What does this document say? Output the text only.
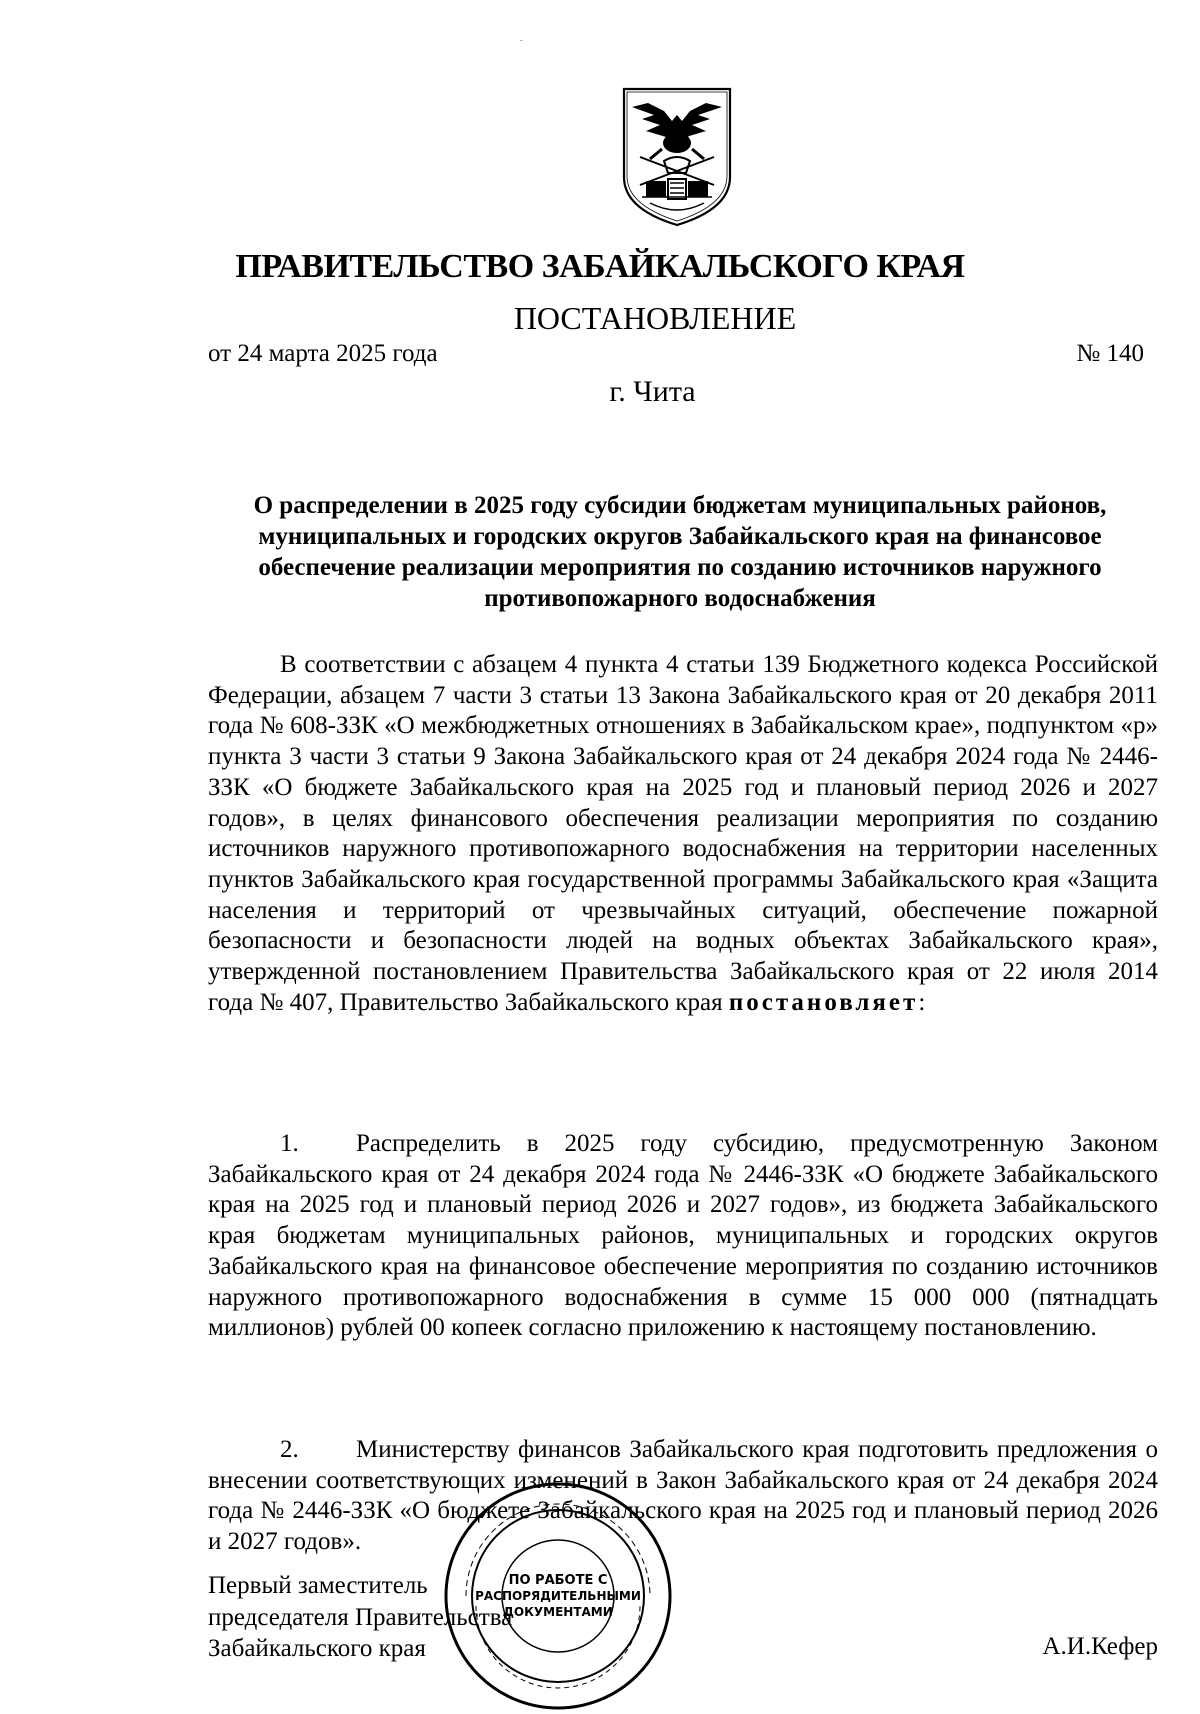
ПРАВИТЕЛЬСТВО ЗАБАЙКАЛЬСКОГО КРАЯ
ПОСТАНОВЛЕНИЕ
от 24 марта 2025 года	№ 140
г. Чита
О распределении в 2025 году субсидии бюджетам муниципальных районов, муниципальных и городских округов Забайкальского края на финансовое обеспечение реализации мероприятия по созданию источников наружного противопожарного водоснабжения

В соответствии с абзацем 4 пункта 4 статьи 139 Бюджетного кодекса Российской Федерации, абзацем 7 части 3 статьи 13 Закона Забайкальского края от 20 декабря 2011 года № 608-ЗЗК «О межбюджетных отношениях в Забайкальском крае», подпунктом «р» пункта 3 части 3 статьи 9 Закона Забайкальского края от 24 декабря 2024 года № 2446-ЗЗК «О бюджете Забайкальского края на 2025 год и плановый период 2026 и 2027 годов», в целях финансового обеспечения реализации мероприятия по созданию источников наружного противопожарного водоснабжения на территории населенных пунктов Забайкальского края государственной программы Забайкальского края «Защита населения и территорий от чрезвычайных ситуаций, обеспечение пожарной безопасности и безопасности людей на водных объектах Забайкальского края», утвержденной постановлением Правительства Забайкальского края от 22 июля 2014 года № 407, Правительство Забайкальского края постановляет:

1. Распределить в 2025 году субсидию, предусмотренную Законом Забайкальского края от 24 декабря 2024 года № 2446-ЗЗК «О бюджете Забайкальского края на 2025 год и плановый период 2026 и 2027 годов», из бюджета Забайкальского края бюджетам муниципальных районов, муниципальных и городских округов Забайкальского края на финансовое обеспечение мероприятия по созданию источников наружного противопожарного водоснабжения в сумме 15 000 000 (пятнадцать миллионов) рублей 00 копеек согласно приложению к настоящему постановлению.

2. Министерству финансов Забайкальского края подготовить предложения о внесении соответствующих изменений в Закон Забайкальского края от 24 декабря 2024 года № 2446-ЗЗК «О бюджете Забайкальского края на 2025 год и плановый период 2026 и 2027 годов».

Первый заместитель
председателя Правительства
Забайкальского края	А.И.Кефер
ПО РАБОТЕ С
РАСПОРЯДИТЕЛЬНЫМИ
ДОКУМЕНТАМИ
